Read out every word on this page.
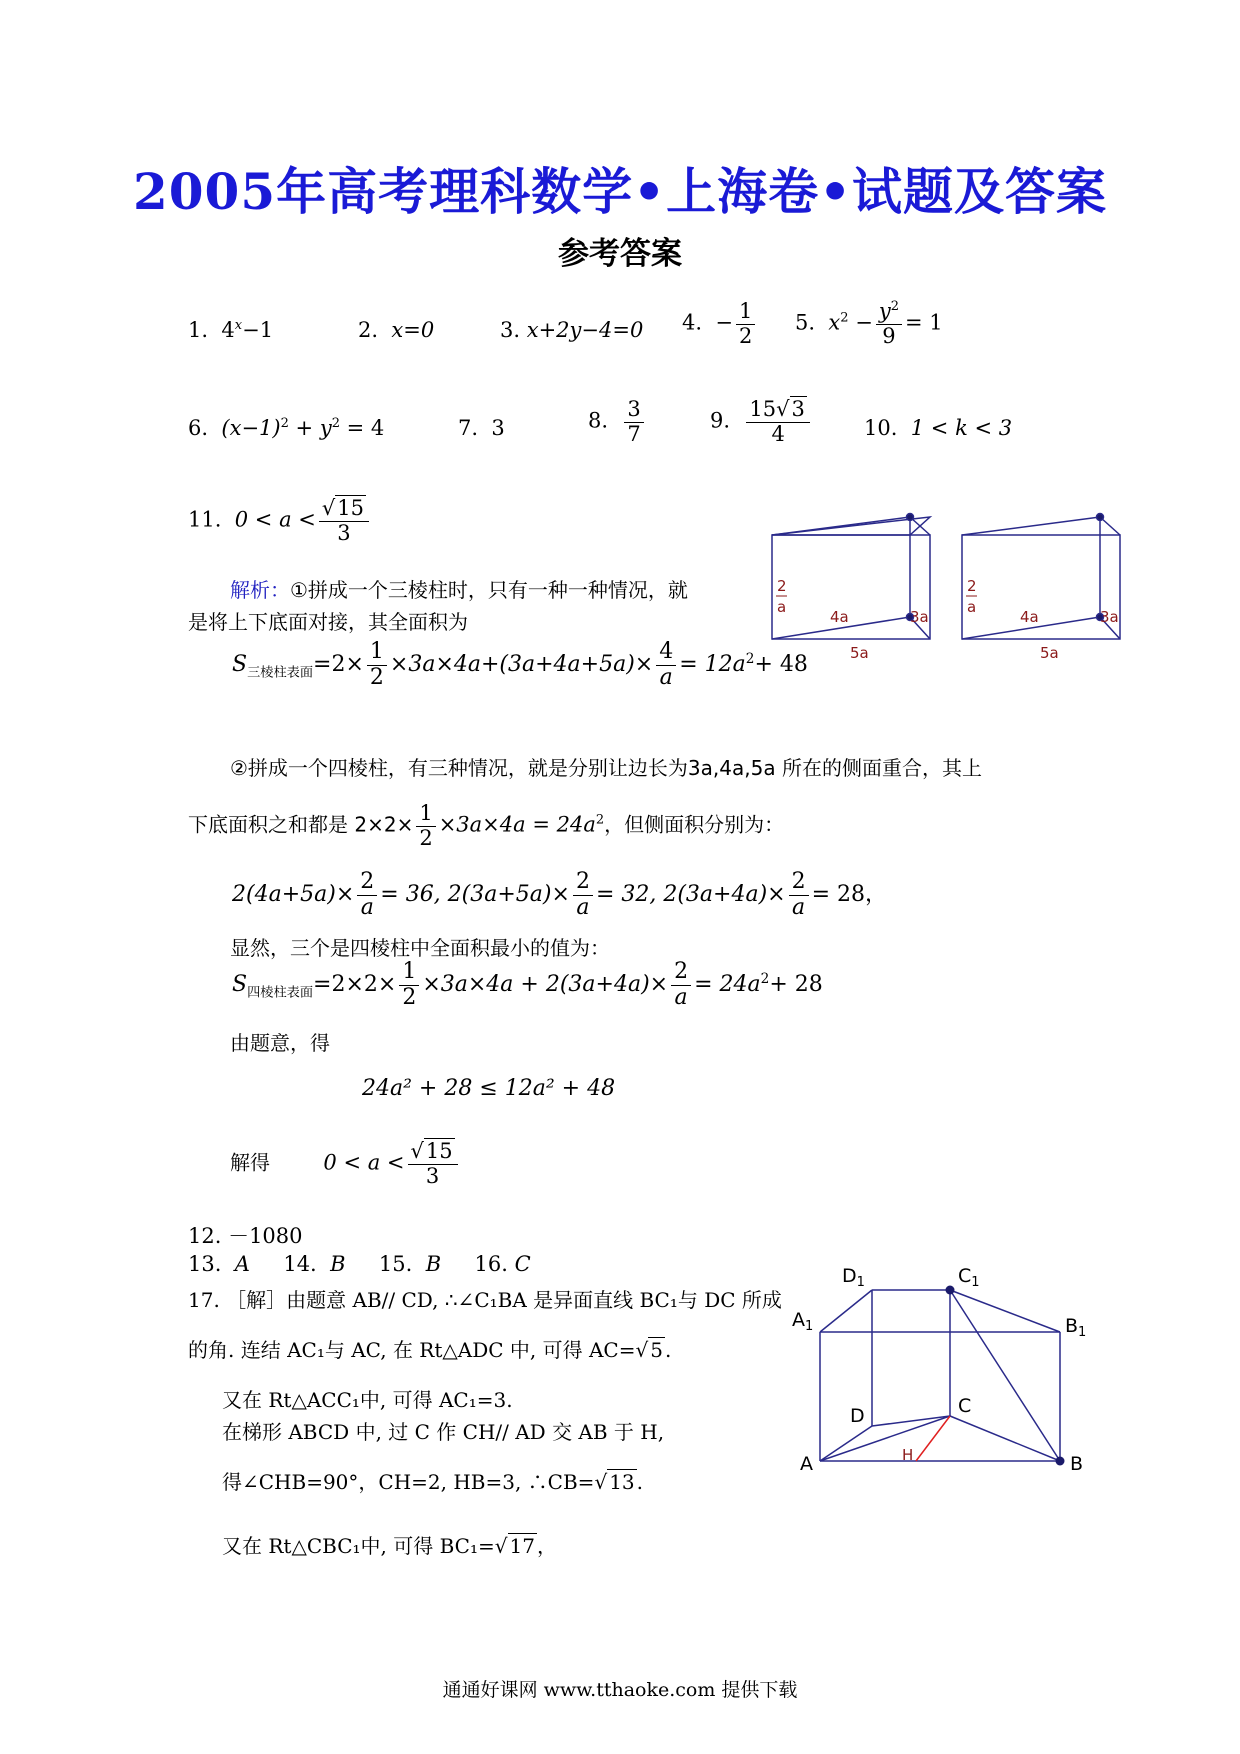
2005年高考理科数学•上海卷•试题及答案
参考答案
1. $4^x-1$	2. x=0	3. x+2y−4=0 4. − $\frac{1}{2} 5$. $x^2 - \frac{y^2}{9} = 1$
6. $(x-1)^2 + y^2 = 4$	7. 3	8. $\frac{3}{7}$	9. $\frac{15√3}{4}$	10. 1 < k < 3
11. $0 < a < \frac{√15}{3}$
解析：①拼成一个三棱柱时，只有一种一种情况，就
是将上下底面对接，其全面积为
$S_{三棱柱表面}=2\times \frac{1}{2} \times 3a\times 4a+(3a+4a+5a)\times \frac{4}{a} = 12a^2+ 48$
②拼成一个四棱柱，有三种情况，就是分别让边长为3a,4a,5a 所在的侧面重合，其上
下底面积之和都是 $2\times 2\times \frac{1}{2} \times 3a\times 4a = 24a^2$，但侧面积分别为：
$2(4a+5a)\times \frac{2}{a} = 36$, $2(3a+5a)\times \frac{2}{a} = 32$, $2(3a+4a)\times \frac{2}{a} = 28$，
显然，三个是四棱柱中全面积最小的值为：
$S_{四棱柱表面}=2\times 2\times \frac{1}{2} \times 3a\times 4a + 2(3a+4a)\times \frac{2}{a} = 24a^2+ 28$
由题意，得
24a² + 28 ≤ 12a² + 48
解得	$0 < a < \frac{√15}{3}$
12. －1080
13. A 14. B 15. B 16. C
17. ［解］由题意 AB// CD, ∴∠C₁BA 是异面直线 BC₁与 DC 所成
的角. 连结 AC₁与 AC, 在 Rt△ADC 中, 可得 AC=√ 5 .
又在 Rt△ACC₁中, 可得 AC₁=3.
在梯形 ABCD 中, 过 C 作 CH// AD 交 AB 于 H,
得∠CHB=90°，CH=2, HB=3, ∴CB=√ 13 .
又在 Rt△CBC₁中, 可得 BC₁=√ 17 ，
2
a
2
a
4a	3a
5a
4a	3a
5a
$D_1$	$C_1$
$A_1$	$B_1$
D	C
A	B
H
通通好课网 www.tthaoke.com 提供下载
